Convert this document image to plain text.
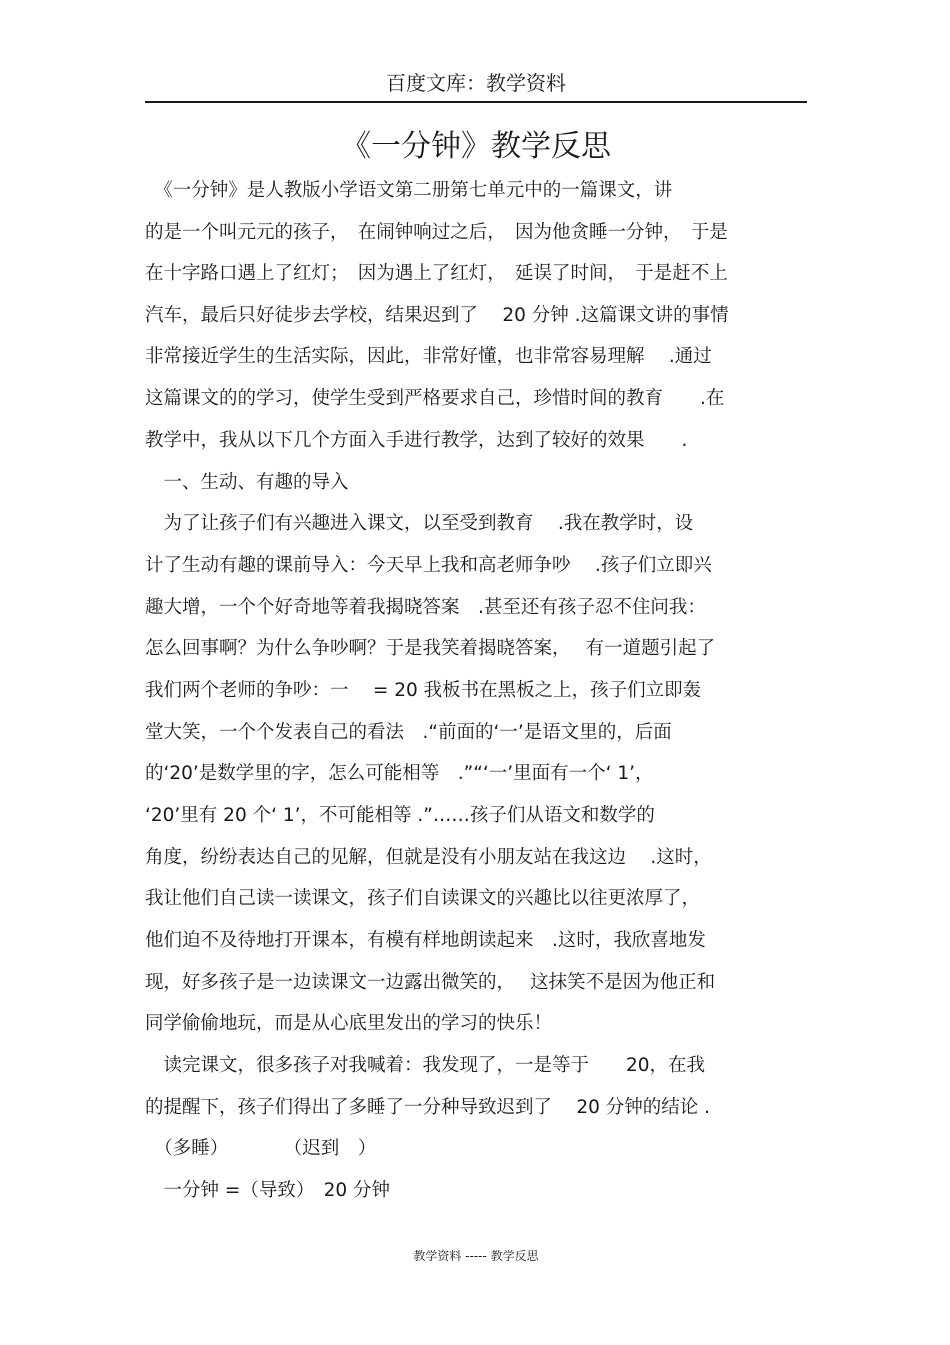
百度文库：教学资料
《一分钟》教学反思
　《一分钟》是人教版小学语文第二册第七单元中的一篇课文，讲
的是一个叫元元的孩子，　在闹钟响过之后，　因为他贪睡一分钟，　于是
在十字路口遇上了红灯；　因为遇上了红灯，　延误了时间，　于是赶不上
汽车，最后只好徒步去学校，结果迟到了　 20 分钟 .这篇课文讲的事情
非常接近学生的生活实际，因此，非常好懂，也非常容易理解　 .通过
这篇课文的的学习，使学生受到严格要求自己，珍惜时间的教育　　.在
教学中，我从以下几个方面入手进行教学，达到了较好的效果　　.
　一、生动、有趣的导入
　为了让孩子们有兴趣进入课文，以至受到教育　 .我在教学时，设
计了生动有趣的课前导入：今天早上我和高老师争吵　 .孩子们立即兴
趣大增，一个个好奇地等着我揭晓答案　.甚至还有孩子忍不住问我：
怎么回事啊？为什么争吵啊？于是我笑着揭晓答案，　 有一道题引起了
我们两个老师的争吵：一　 = 20 我板书在黑板之上，孩子们立即轰
堂大笑，一个个发表自己的看法　.“前面的‘一’是语文里的，后面
的‘20’是数学里的字，怎么可能相等　.”“‘一’里面有一个‘ 1’，
‘20’里有 20 个‘ 1’，不可能相等 .”……孩子们从语文和数学的
角度，纷纷表达自己的见解，但就是没有小朋友站在我这边　 .这时，
我让他们自己读一读课文，孩子们自读课文的兴趣比以往更浓厚了，
他们迫不及待地打开课本，有模有样地朗读起来　.这时，我欣喜地发
现，好多孩子是一边读课文一边露出微笑的，　 这抹笑不是因为他正和
同学偷偷地玩，而是从心底里发出的学习的快乐！
　读完课文，很多孩子对我喊着：我发现了，一是等于　　20，在我
的提醒下，孩子们得出了多睡了一分种导致迟到了　 20 分钟的结论 .
　（多睡）　　　　（迟到　）
　一分钟 =（导致）　20 分钟
教学资料 ----- 教学反思
